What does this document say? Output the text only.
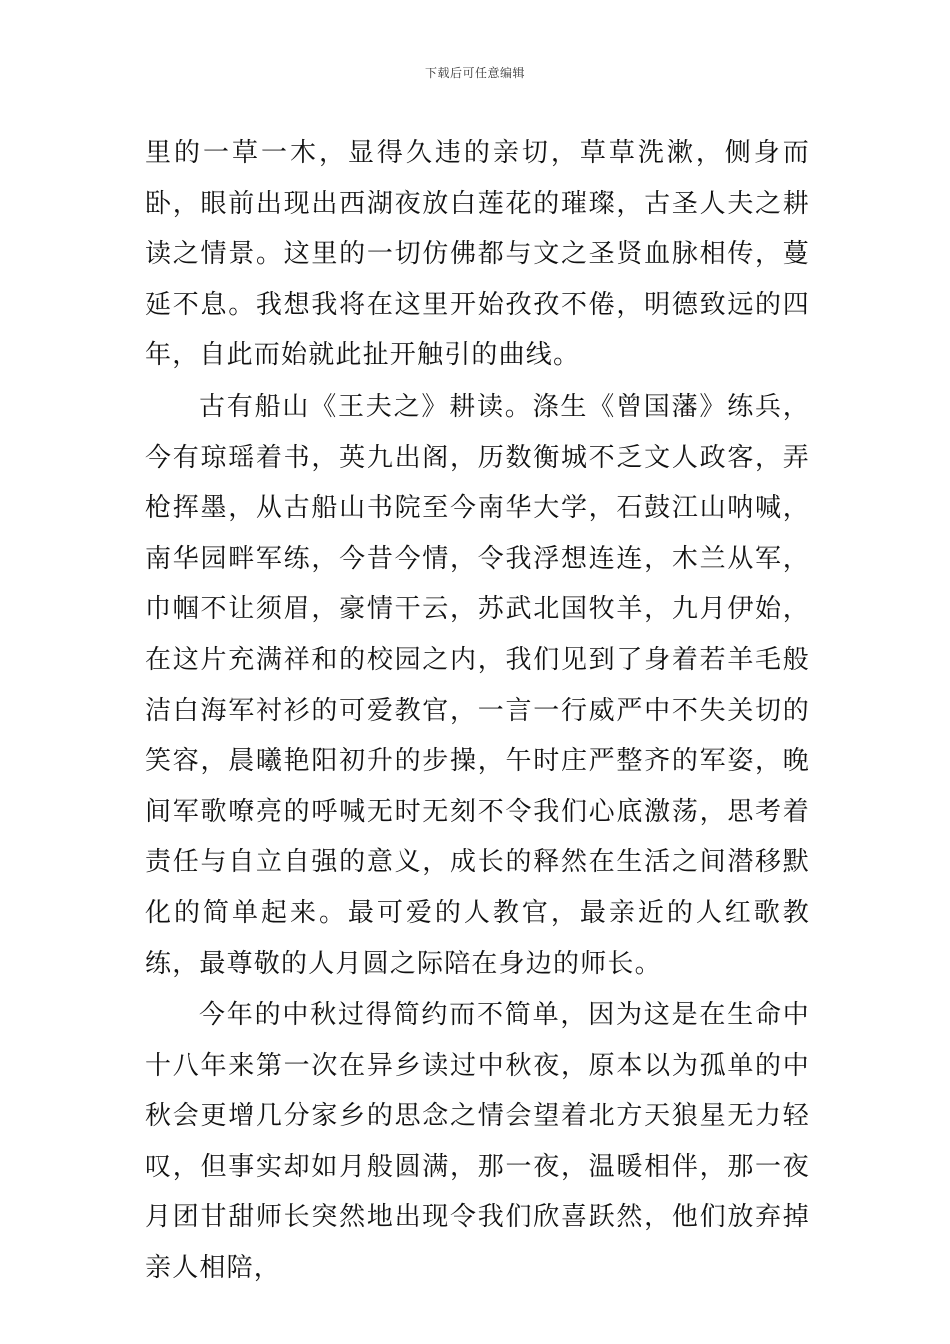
下载后可任意编辑

里的一草一木，显得久违的亲切，草草洗漱，侧身而卧，眼前出现出西湖夜放白莲花的璀璨，古圣人夫之耕读之情景。这里的一切仿佛都与文之圣贤血脉相传，蔓延不息。我想我将在这里开始孜孜不倦，明德致远的四年，自此而始就此扯开触引的曲线。

古有船山《王夫之》耕读。涤生《曾国藩》练兵，今有琼瑶着书，英九出阁，历数衡城不乏文人政客，弄枪挥墨，从古船山书院至今南华大学，石鼓江山呐喊，南华园畔军练，今昔今情，令我浮想连连，木兰从军，巾帼不让须眉，豪情干云，苏武北国牧羊，九月伊始，在这片充满祥和的校园之内，我们见到了身着若羊毛般洁白海军衬衫的可爱教官，一言一行威严中不失关切的笑容，晨曦艳阳初升的步操，午时庄严整齐的军姿，晚间军歌嘹亮的呼喊无时无刻不令我们心底激荡，思考着责任与自立自强的意义，成长的释然在生活之间潜移默化的简单起来。最可爱的人教官，最亲近的人红歌教练，最尊敬的人月圆之际陪在身边的师长。

今年的中秋过得简约而不简单，因为这是在生命中十八年来第一次在异乡读过中秋夜，原本以为孤单的中秋会更增几分家乡的思念之情会望着北方天狼星无力轻叹，但事实却如月般圆满，那一夜，温暖相伴，那一夜月团甘甜师长突然地出现令我们欣喜跃然，他们放弃掉亲人相陪，
